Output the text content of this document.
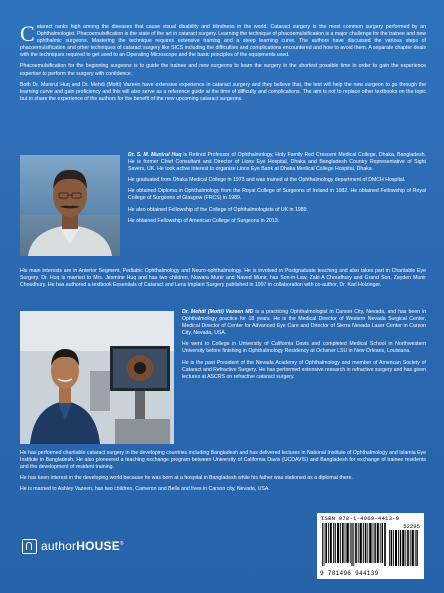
C ataract ranks high among the diseases that cause visual disability and blindness in the world. Cataract surgery is the most common surgery performed by an Ophthalmologist. Phacoemulsification is the state of the art in cataract surgery. Learning the technique of phacoemulsification is a major challenge for the trainee and new ophthalmic surgeons. Mastering the technique requires extensive training and a steep learning curve. The authors have discussed the various steps of phacoemulsification and other techniques of cataract surgery like SICS including the difficulties and complications encountered and how to avoid them. A separate chapter deals with the techniques required to get used to an Operating Microscope and the basic principles of the equipments used.

Phacoemulsification for the beginning surgeons is to guide the trainee and new surgeons to learn the surgery in the shortest possible time in order to gain the experience expertise to perform the surgery with confidence.

Both Dr. MuniruI Huq and Dr. Mehdi (Motti) Vazeen have extensive experience in cataract surgery and they believe that, the text will help the new surgeon to go through the learning curve and gain proficiency and this will also serve as a reference guide at the time of difficulty and complications. The aim is not to replace other textbooks on the topic but to share the experience of the authors for the benefit of the new upcoming cataract surgeons.

Dr. S. M. Munirul Huq is Retired Professor of Ophthalmology, Holy Family Red Crescent Medical College, Dhaka, Bangladesh. He is former Chief Consultant and Director of Lions Eye Hospital, Dhaka and Bangladesh Country Representative of Sight Savers, UK. He took active interest to organize Lions Eye Bank at Dhaka Medical College Hospital, Dhaka.

He graduated from Dhaka Medical College in 1973 and was trained at the Ophthalmology department of DMCH Hospital.

He obtained Diploma in Ophthalmology from the Royal College of Surgeons of Ireland in 1982. He obtained Fellowship of Royal College of Surgeons of Glasgow (FRCS) in 1989.

He also obtained Fellowship of the College of Ophthalmologists of UK in 1989.

He obtained Fellowship of American College of Surgeons in 2013.

His main interests are in Anterior Segment, Pediatric Ophthalmology and Neuro-ophthalmology. He is involved in Postgraduate teaching and also takes part in Charitable Eye Surgery. Dr. Huq is married to Mrs. Jesmine Huq and has two children, Nowara Munir and Naved Munir, has Son-in-Law, Zaki A Choudhury and Grand Son, Zayden Munir Choudhury. He has authored a textbook Essentials of Cataract and Lens Implant Surgery published in 1997 in collaboration with co-author, Dr. Karl Holzinger.

Dr. Mehdi (Motti) Vazeen MD is a practicing Ophthalmologist in Carson City, Nevada, and has been in Ophthalmology practice for 18 years. He is the Medical Director of Western Nevada Surgical Center, Medical Director of Center for Advanced Eye Care and Director of Sierra Nevada Laser Center in Carson City, Nevada, USA.

He went to College in University of California Davis and completed Medical School in Northwestern University before finishing in Ophthalmology Residency at Ochsner LSU in New Orleans, Louisiana.

He is the past President of the Nevada Academy of Ophthalmology and member of American Society of Cataract and Refractive Surgery. He has performed extensive research in refractive surgery and has given lectures at ASCRS on refractive cataract surgery.

He has performed charitable cataract surgery in the developing countries including Bangladesh and has delivered lectures in National Institute of Ophthalmology and Islamia Eye Institute in Bangladesh. He also pioneered a teaching exchange program between University of California Davis (UCDAVIS) and Bangladesh for exchange of trainee residents and the development of resident training.

He has keen interest in the developing world because he was born at a hospital in Bangladesh while his father was stationed as a diplomat there.

He is married to Ashley Vazeen, has two children, Cameron and Bella and lives in Carson city, Nevada, USA.

authorHOUSE®
ISBN 978-1-4969-4413-9
52295
9 781496 944139
